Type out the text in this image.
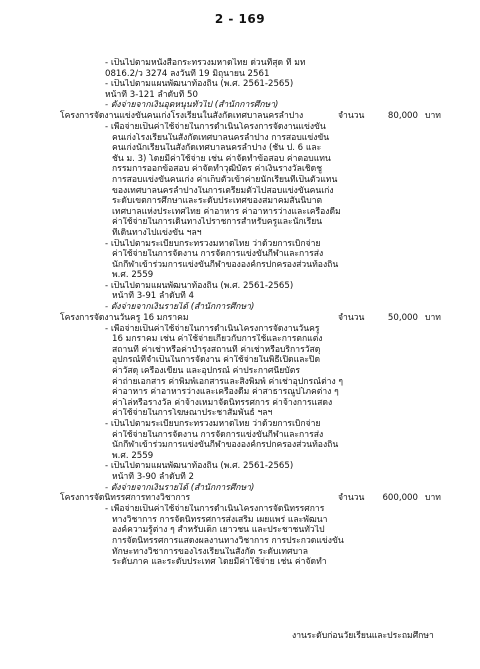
2 - 169
- เป็นไปตามหนังสือกระทรวงมหาดไทย ด่วนที่สุด ที่ มท
0816.2/ว 3274 ลงวันที่ 19 มิถุนายน 2561
- เป็นไปตามแผนพัฒนาท้องถิ่น (พ.ศ. 2561-2565)
หน้าที่ 3-121 ลำดับที่ 50
- ตั้งจ่ายจากเงินอุดหนุนทั่วไป (สำนักการศึกษา)
โครงการจัดงานแข่งขันคนเก่งโรงเรียนในสังกัดเทศบาลนครลำปาง	จำนวน	80,000 บาท
- เพื่อจ่ายเป็นค่าใช้จ่ายในการดำเนินโครงการจัดงานแข่งขัน
คนเก่งโรงเรียนในสังกัดเทศบาลนครลำปาง การสอบแข่งขัน
คนเก่งนักเรียนในสังกัดเทศบาลนครลำปาง (ชั้น ป. 6 และ
ชั้น ม. 3) โดยมีค่าใช้จ่าย เช่น ค่าจัดทำข้อสอบ ค่าตอบแทน
กรรมการออกข้อสอบ ค่าจัดทำวุฒิบัตร ค่าเงินรางวัลเชิดชู
การสอบแข่งขันคนเก่ง ค่าเก็บตัวเข้าค่ายนักเรียนที่เป็นตัวแทน
ของเทศบาลนครลำปางในการเตรียมตัวไปสอบแข่งขันคนเก่ง
ระดับเขตการศึกษาและระดับประเทศของสมาคมสันนิบาต
เทศบาลแห่งประเทศไทย ค่าอาหาร ค่าอาหารว่างและเครื่องดื่ม
ค่าใช้จ่ายในการเดินทางไปราชการสำหรับครูและนักเรียน
ที่เดินทางไปแข่งขัน ฯลฯ
- เป็นไปตามระเบียบกระทรวงมหาดไทย ว่าด้วยการเบิกจ่าย
ค่าใช้จ่ายในการจัดงาน การจัดการแข่งขันกีฬาและการส่ง
นักกีฬาเข้าร่วมการแข่งขันกีฬาขององค์กรปกครองส่วนท้องถิ่น
พ.ศ. 2559
- เป็นไปตามแผนพัฒนาท้องถิ่น (พ.ศ. 2561-2565)
หน้าที่ 3-91 ลำดับที่ 4
- ตั้งจ่ายจากเงินรายได้ (สำนักการศึกษา)
โครงการจัดงานวันครู 16 มกราคม	จำนวน	50,000 บาท
- เพื่อจ่ายเป็นค่าใช้จ่ายในการดำเนินโครงการจัดงานวันครู
16 มกราคม เช่น ค่าใช้จ่ายเกี่ยวกับการใช้และการตกแต่ง
สถานที่ ค่าเช่าหรือค่าบำรุงสถานที่ ค่าเช่าหรือบริการวัสดุ
อุปกรณ์ที่จำเป็นในการจัดงาน ค่าใช้จ่ายในพิธีเปิดและปิด
ค่าวัสดุ เครื่องเขียน และอุปกรณ์ ค่าประกาศนียบัตร
ค่าถ่ายเอกสาร ค่าพิมพ์เอกสารและสิ่งพิมพ์ ค่าเช่าอุปกรณ์ต่าง ๆ
ค่าอาหาร ค่าอาหารว่างและเครื่องดื่ม ค่าสาธารณูปโภคต่าง ๆ
ค่าโล่หรือรางวัล ค่าจ้างเหมาจัดนิทรรศการ ค่าจ้างการแสดง
ค่าใช้จ่ายในการโฆษณาประชาสัมพันธ์ ฯลฯ
- เป็นไปตามระเบียบกระทรวงมหาดไทย ว่าด้วยการเบิกจ่าย
ค่าใช้จ่ายในการจัดงาน การจัดการแข่งขันกีฬาและการส่ง
นักกีฬาเข้าร่วมการแข่งขันกีฬาขององค์กรปกครองส่วนท้องถิ่น
พ.ศ. 2559
- เป็นไปตามแผนพัฒนาท้องถิ่น (พ.ศ. 2561-2565)
หน้าที่ 3-90 ลำดับที่ 2
- ตั้งจ่ายจากเงินรายได้ (สำนักการศึกษา)
โครงการจัดนิทรรศการทางวิชาการ	จำนวน	600,000 บาท
- เพื่อจ่ายเป็นค่าใช้จ่ายในการดำเนินโครงการจัดนิทรรศการ
ทางวิชาการ การจัดนิทรรศการส่งเสริม เผยแพร่ และพัฒนา
องค์ความรู้ต่าง ๆ สำหรับเด็ก เยาวชน และประชาชนทั่วไป
การจัดนิทรรศการแสดงผลงานทางวิชาการ การประกวดแข่งขัน
ทักษะทางวิชาการของโรงเรียนในสังกัด ระดับเทศบาล
ระดับภาค และระดับประเทศ โดยมีค่าใช้จ่าย เช่น ค่าจัดทำ
งานระดับก่อนวัยเรียนและประถมศึกษา
